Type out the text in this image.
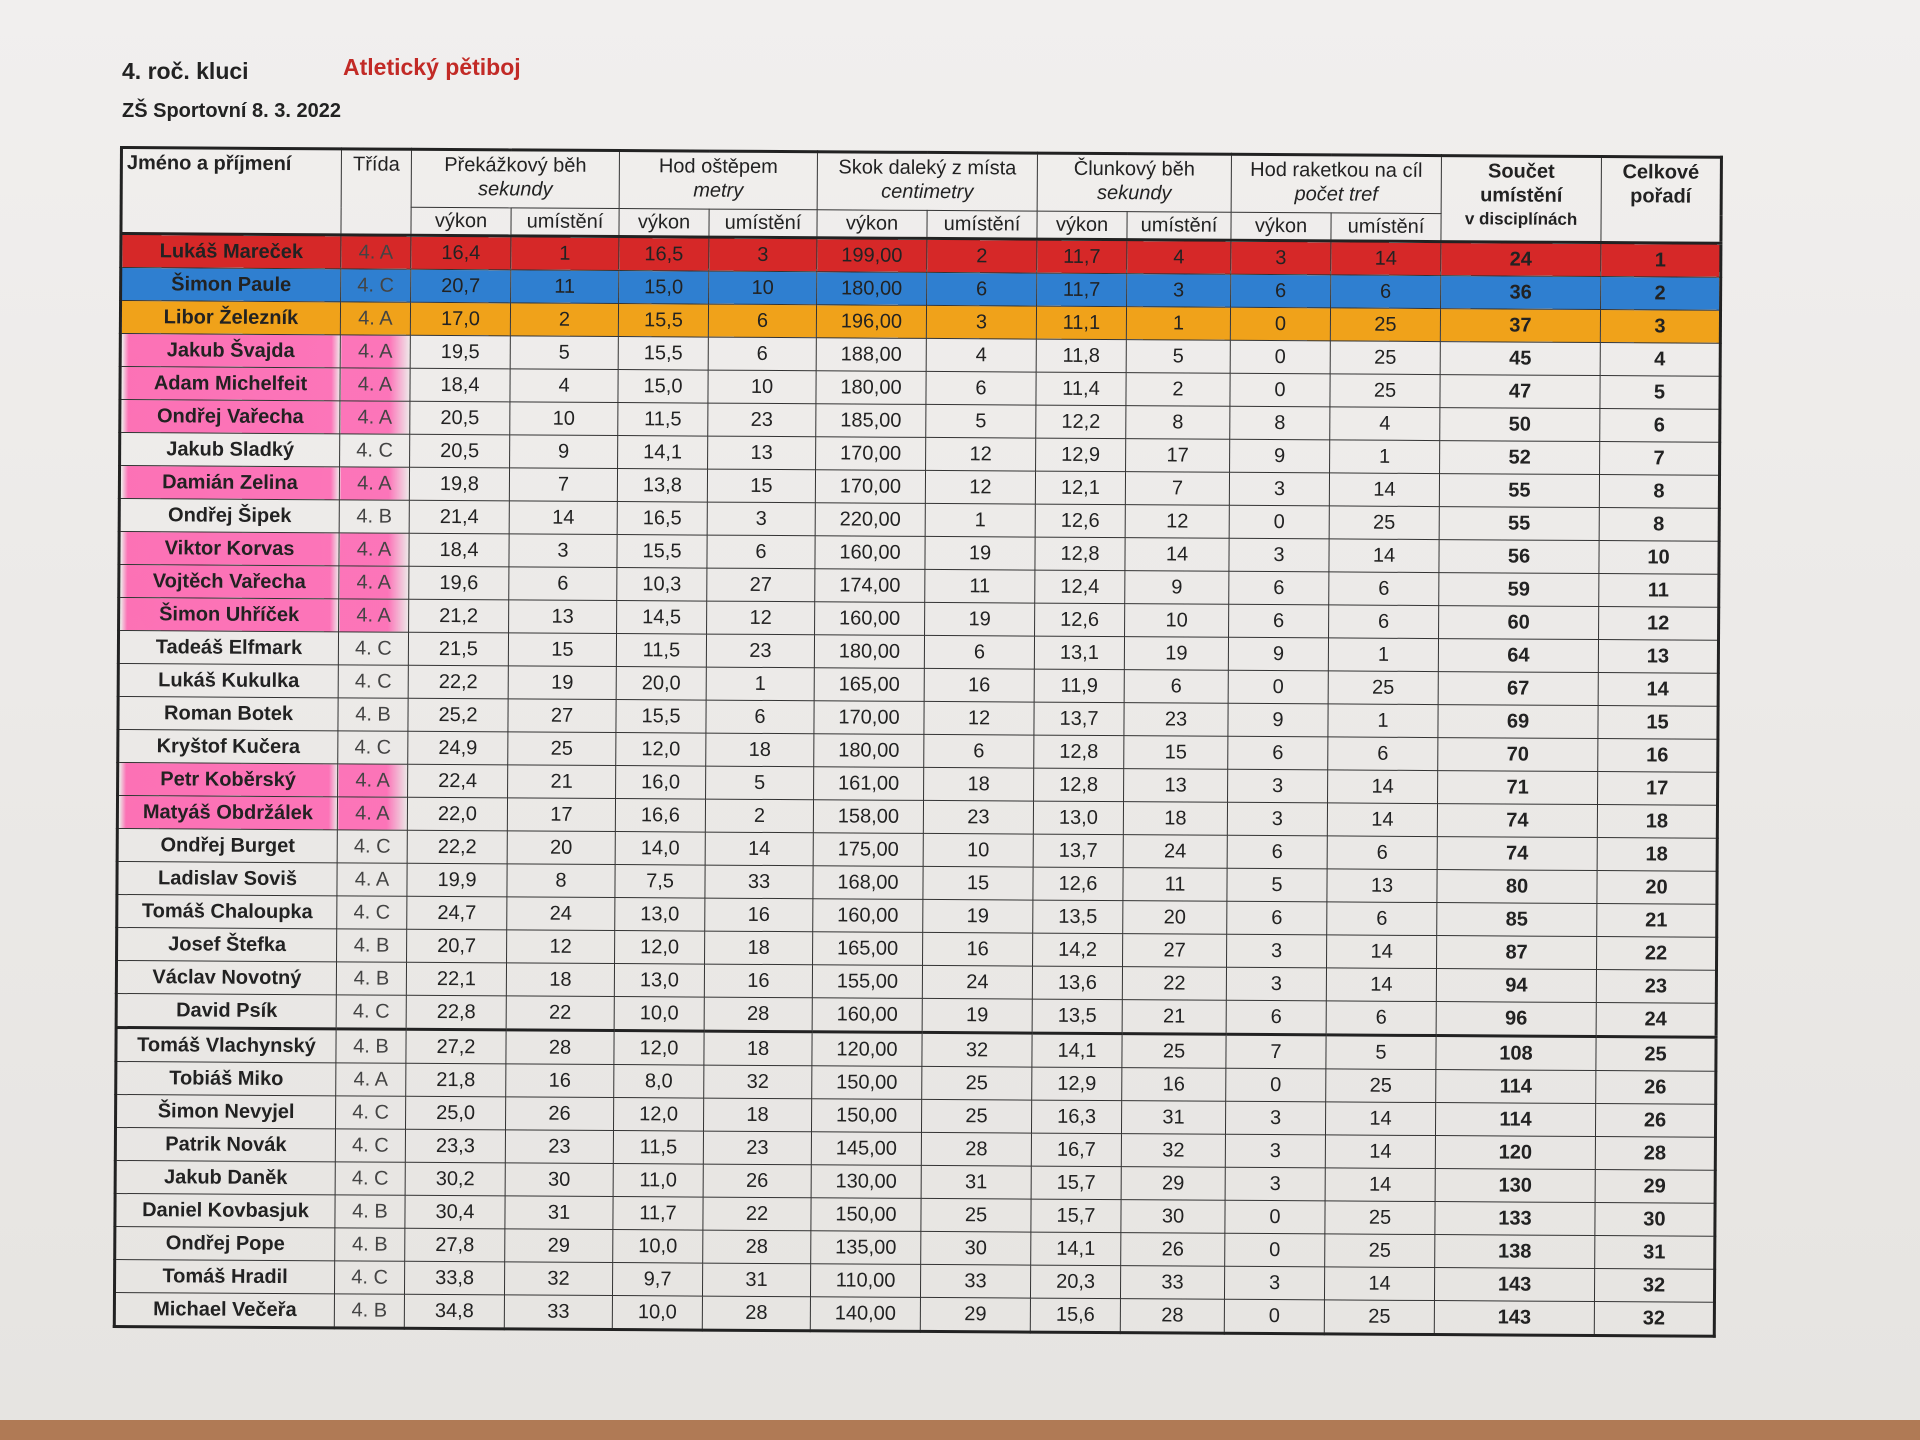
4. roč. kluci	Atletický pětiboj
ZŠ Sportovní 8. 3. 2022
Jméno a příjmení	Třída	Překážkový běh
sekundy		Hod oštěpem
metry		Skok daleký z místa
centimetry		Člunkový běh
sekundy		Hod raketkou na cíl
počet tref		Součet
umístění
v disciplínách	Celkové
pořadí

		výkon	umístění	výkon	umístění	výkon	umístění	výkon	umístění	výkon	umístění		
Lukáš Mareček	4. A	16,4	1	16,5	3	199,00	2	11,7	4	3	14	24	1
Šimon Paule	4. C	20,7	11	15,0	10	180,00	6	11,7	3	6	6	36	2
Libor Železník	4. A	17,0	2	15,5	6	196,00	3	11,1	1	0	25	37	3
Jakub Švajda	4. A	19,5	5	15,5	6	188,00	4	11,8	5	0	25	45	4
Adam Michelfeit	4. A	18,4	4	15,0	10	180,00	6	11,4	2	0	25	47	5
Ondřej Vařecha	4. A	20,5	10	11,5	23	185,00	5	12,2	8	8	4	50	6
Jakub Sladký	4. C	20,5	9	14,1	13	170,00	12	12,9	17	9	1	52	7
Damián Zelina	4. A	19,8	7	13,8	15	170,00	12	12,1	7	3	14	55	8
Ondřej Šipek	4. B	21,4	14	16,5	3	220,00	1	12,6	12	0	25	55	8
Viktor Korvas	4. A	18,4	3	15,5	6	160,00	19	12,8	14	3	14	56	10
Vojtěch Vařecha	4. A	19,6	6	10,3	27	174,00	11	12,4	9	6	6	59	11
Šimon Uhříček	4. A	21,2	13	14,5	12	160,00	19	12,6	10	6	6	60	12
Tadeáš Elfmark	4. C	21,5	15	11,5	23	180,00	6	13,1	19	9	1	64	13
Lukáš Kukulka	4. C	22,2	19	20,0	1	165,00	16	11,9	6	0	25	67	14
Roman Botek	4. B	25,2	27	15,5	6	170,00	12	13,7	23	9	1	69	15
Kryštof Kučera	4. C	24,9	25	12,0	18	180,00	6	12,8	15	6	6	70	16
Petr Koběrský	4. A	22,4	21	16,0	5	161,00	18	12,8	13	3	14	71	17
Matyáš Obdržálek	4. A	22,0	17	16,6	2	158,00	23	13,0	18	3	14	74	18
Ondřej Burget	4. C	22,2	20	14,0	14	175,00	10	13,7	24	6	6	74	18
Ladislav Soviš	4. A	19,9	8	7,5	33	168,00	15	12,6	11	5	13	80	20
Tomáš Chaloupka	4. C	24,7	24	13,0	16	160,00	19	13,5	20	6	6	85	21
Josef Štefka	4. B	20,7	12	12,0	18	165,00	16	14,2	27	3	14	87	22
Václav Novotný	4. B	22,1	18	13,0	16	155,00	24	13,6	22	3	14	94	23
David Psík	4. C	22,8	22	10,0	28	160,00	19	13,5	21	6	6	96	24
Tomáš Vlachynský	4. B	27,2	28	12,0	18	120,00	32	14,1	25	7	5	108	25
Tobiáš Miko	4. A	21,8	16	8,0	32	150,00	25	12,9	16	0	25	114	26
Šimon Nevyjel	4. C	25,0	26	12,0	18	150,00	25	16,3	31	3	14	114	26
Patrik Novák	4. C	23,3	23	11,5	23	145,00	28	16,7	32	3	14	120	28
Jakub Daněk	4. C	30,2	30	11,0	26	130,00	31	15,7	29	3	14	130	29
Daniel Kovbasjuk	4. B	30,4	31	11,7	22	150,00	25	15,7	30	0	25	133	30
Ondřej Pope	4. B	27,8	29	10,0	28	135,00	30	14,1	26	0	25	138	31
Tomáš Hradil	4. C	33,8	32	9,7	31	110,00	33	20,3	33	3	14	143	32
Michael Večeřa	4. B	34,8	33	10,0	28	140,00	29	15,6	28	0	25	143	32
